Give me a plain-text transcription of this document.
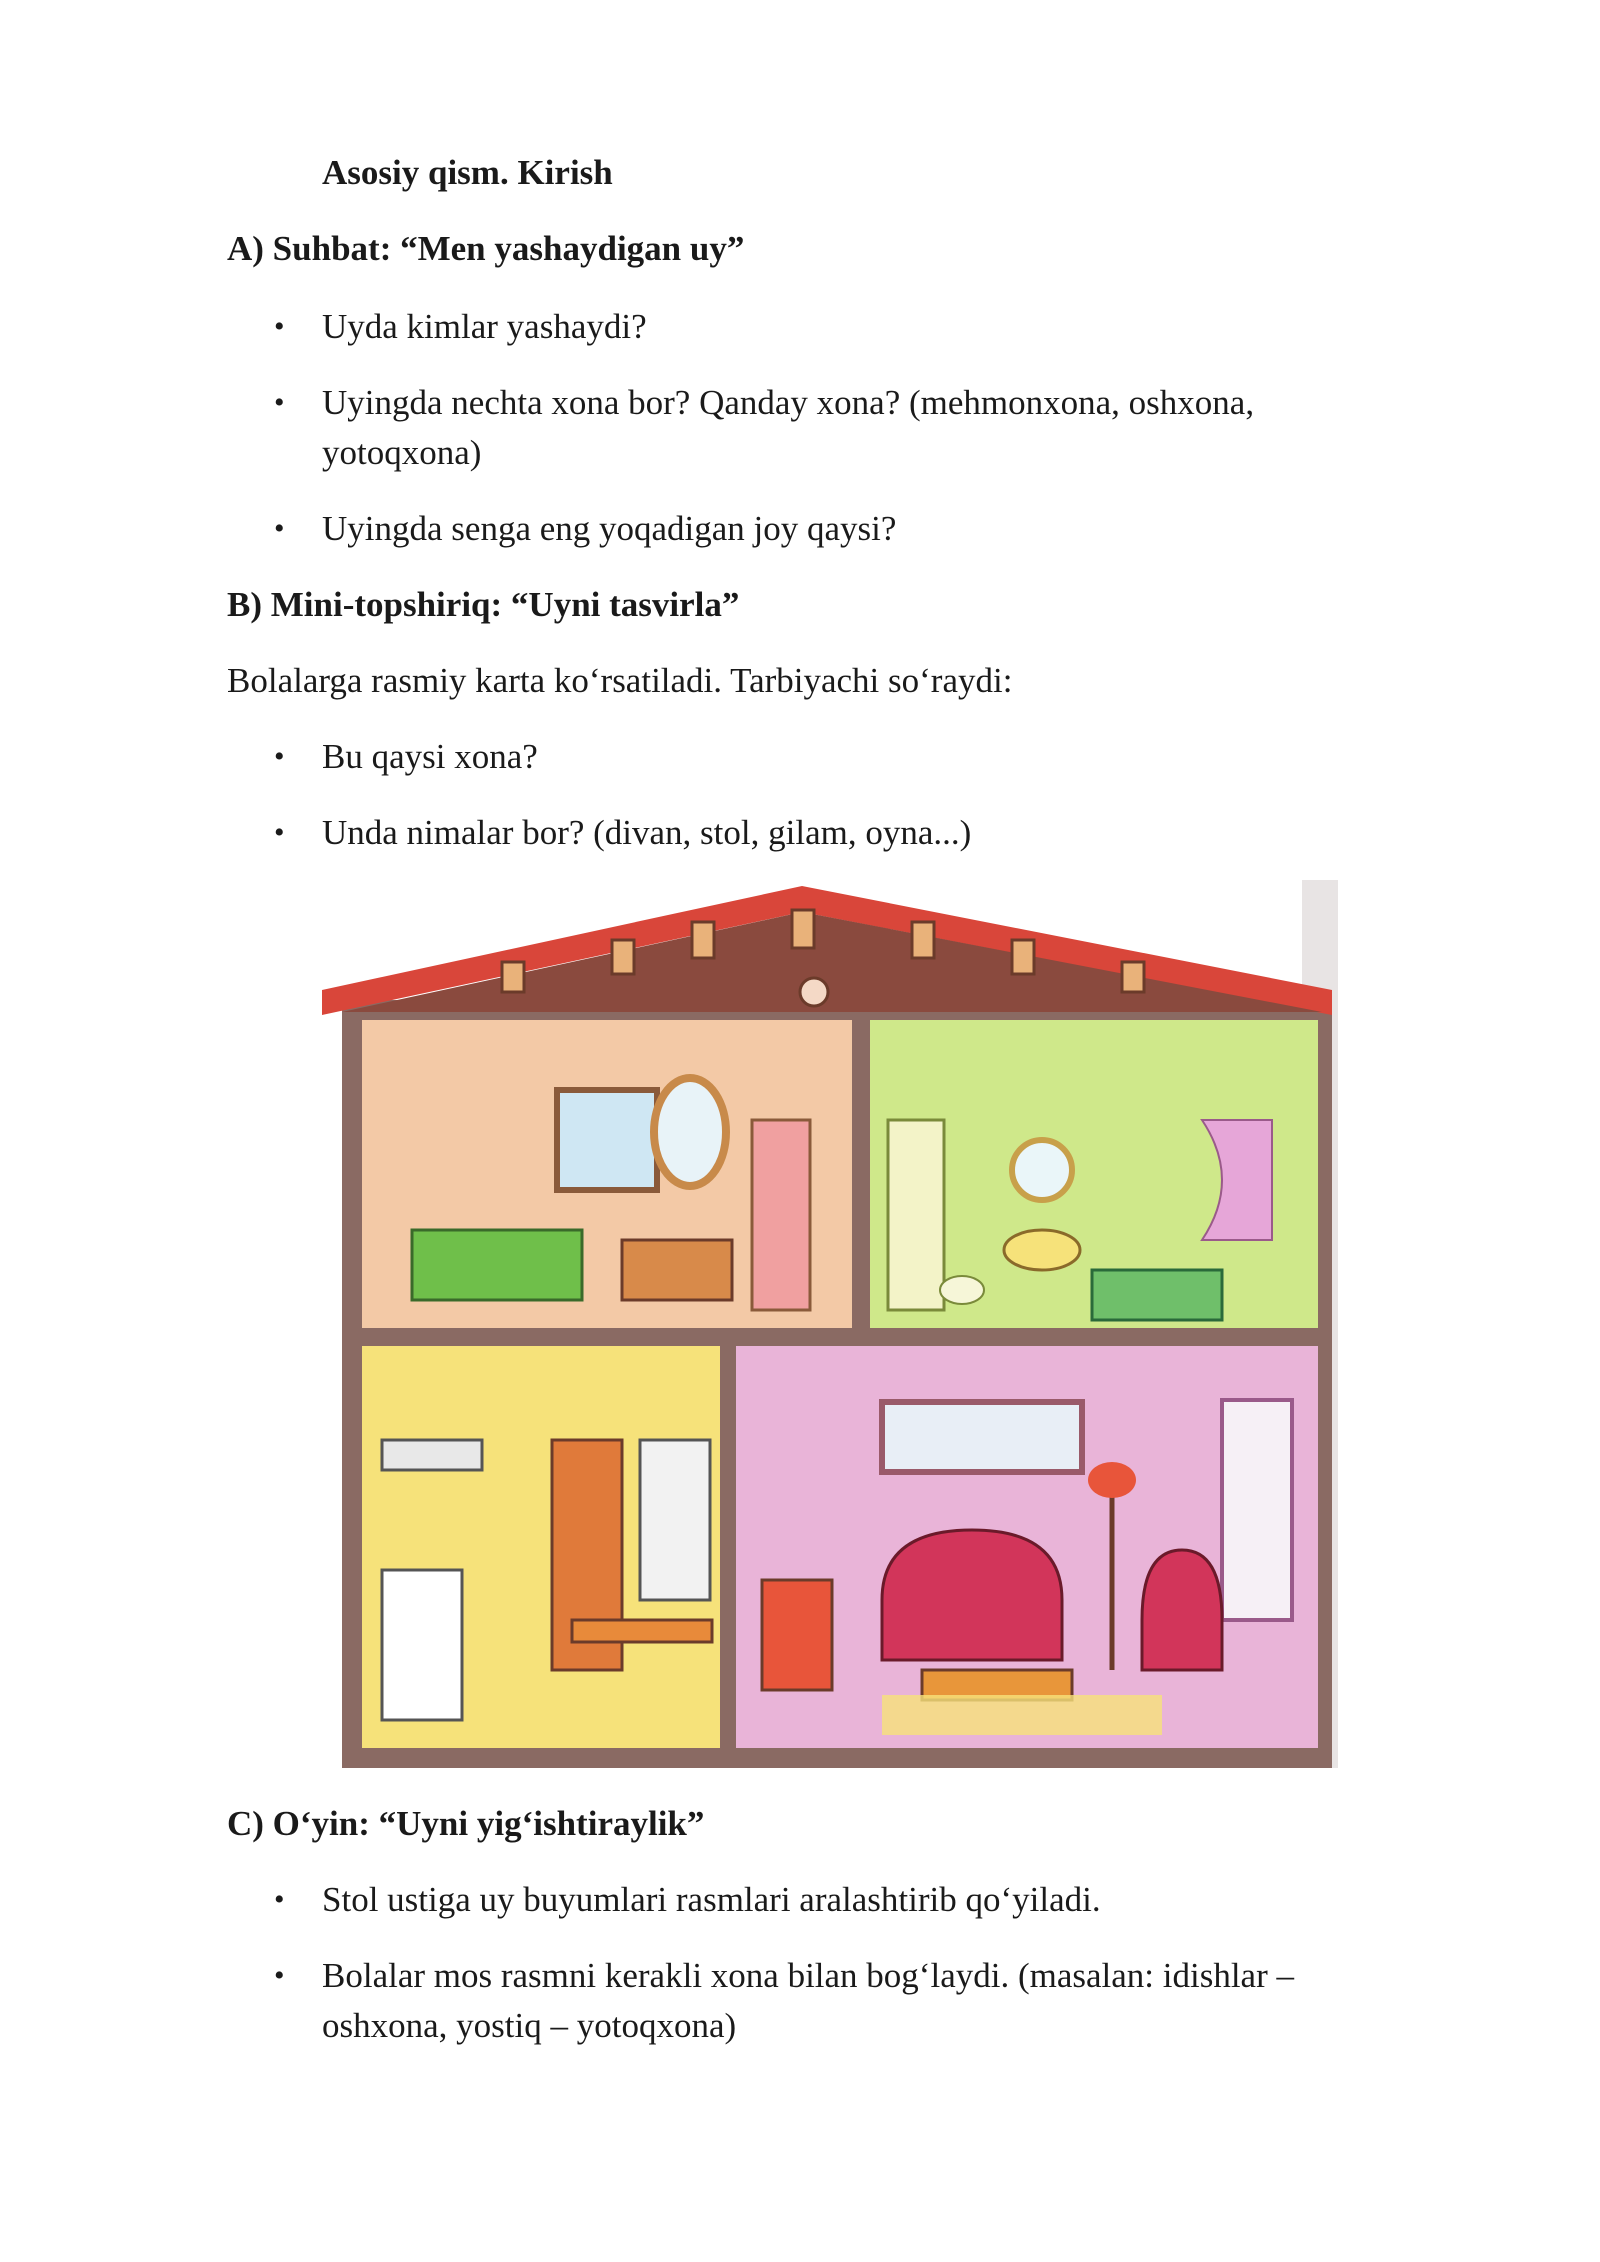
Asosiy qism. Kirish
A) Suhbat: “Men yashaydigan uy”
• Uyda kimlar yashaydi?
• Uyingda nechta xona bor? Qanday xona? (mehmonxona, oshxona,
yotoqxona)
• Uyingda senga eng yoqadigan joy qaysi?
B) Mini-topshiriq: “Uyni tasvirla”
Bolalarga rasmiy karta ko‘rsatiladi. Tarbiyachi so‘raydi:
• Bu qaysi xona?
• Unda nimalar bor? (divan, stol, gilam, oyna...)
C) O‘yin: “Uyni yig‘ishtiraylik”
• Stol ustiga uy buyumlari rasmlari aralashtirib qo‘yiladi.
• Bolalar mos rasmni kerakli xona bilan bog‘laydi. (masalan: idishlar –
oshxona, yostiq – yotoqxona)
